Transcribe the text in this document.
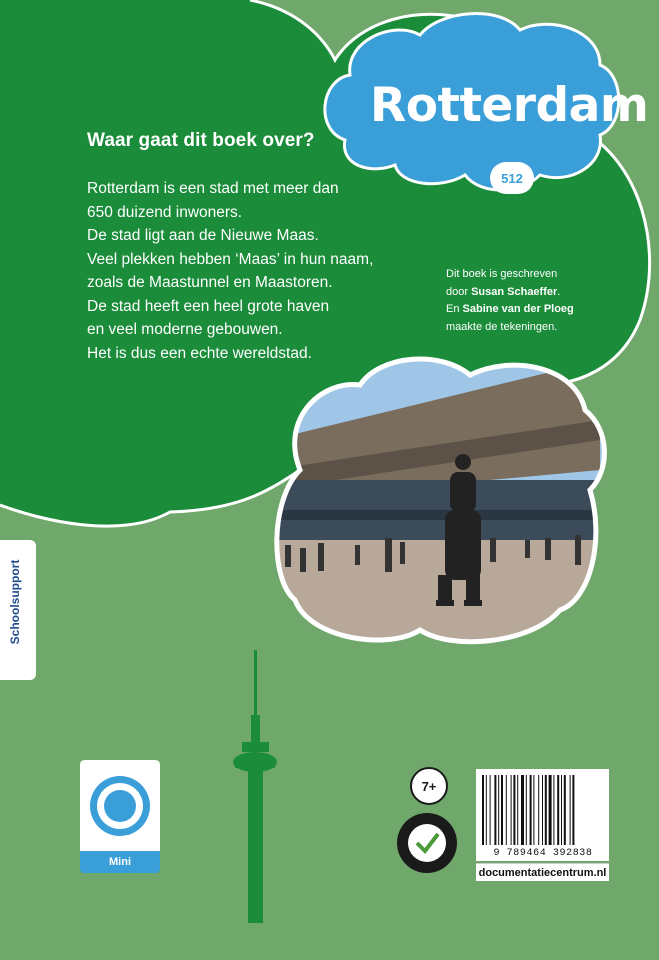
Rotterdam
512
Waar gaat dit boek over?
Rotterdam is een stad met meer dan
650 duizend inwoners.
De stad ligt aan de Nieuwe Maas.
Veel plekken hebben ‘Maas’ in hun naam,
zoals de Maastunnel en Maastoren.
De stad heeft een heel grote haven
en veel moderne gebouwen.
Het is dus een echte wereldstad.
Dit boek is geschreven
door Susan Schaeffer.
En Sabine van der Ploeg
maakte de tekeningen.
Schoolsupport
Mini
7+
9 789464 392838
documentatiecentrum.nl
